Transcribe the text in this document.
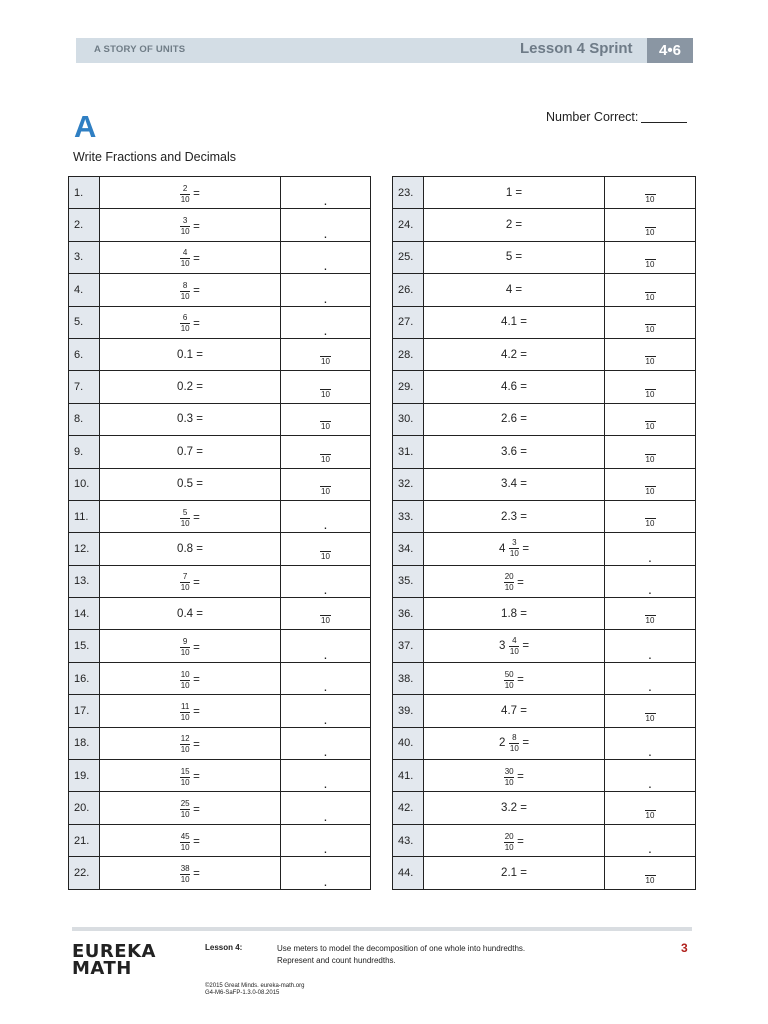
A STORY OF UNITS	Lesson 4 Sprint	4•6
A	Number Correct:
Write Fractions and Decimals
1.	$\frac{2}{10}$ =	.

2.	$\frac{3}{10}$ =	.

3.	$\frac{4}{10}$ =	.

4.	$\frac{8}{10}$ =	.

5.	$\frac{6}{10}$ =	.

6.	0.1 =	10

7.	0.2 =	10

8.	0.3 =	10

9.	0.7 =	10

10.	0.5 =	10

11.	$\frac{5}{10}$ =	.

12.	0.8 =	10

13.	$\frac{7}{10}$ =	.

14.	0.4 =	10

15.	$\frac{9}{10}$ =	.

16.	$\frac{10}{10}$ =	.

17.	$\frac{11}{10}$ =	.

18.	$\frac{12}{10}$ =	.

19.	$\frac{15}{10}$ =	.

20.	$\frac{25}{10}$ =	.

21.	$\frac{45}{10}$ =	.

22.	$\frac{38}{10}$ =	.
23.	1 =	10

24.	2 =	10

25.	5 =	10

26.	4 =	10

27.	4.1 =	10

28.	4.2 =	10

29.	4.6 =	10

30.	2.6 =	10

31.	3.6 =	10

32.	3.4 =	10

33.	2.3 =	10

34.	$4 \frac{3}{10}$ =	.

35.	$\frac{20}{10}$ =	.

36.	1.8 =	10

37.	$3 \frac{4}{10}$ =	.

38.	$\frac{50}{10}$ =	.

39.	4.7 =	10

40.	$2 \frac{8}{10}$ =	.

41.	$\frac{30}{10}$ =	.

42.	3.2 =	10

43.	$\frac{20}{10}$ =	.

44.	2.1 =	10
EUREKA
MATH
Lesson 4:	Use meters to model the decomposition of one whole into hundredths.
Represent and count hundredths.
3
©2015 Great Minds. eureka-math.org
G4-M6-SaFP-1.3.0-08.2015
